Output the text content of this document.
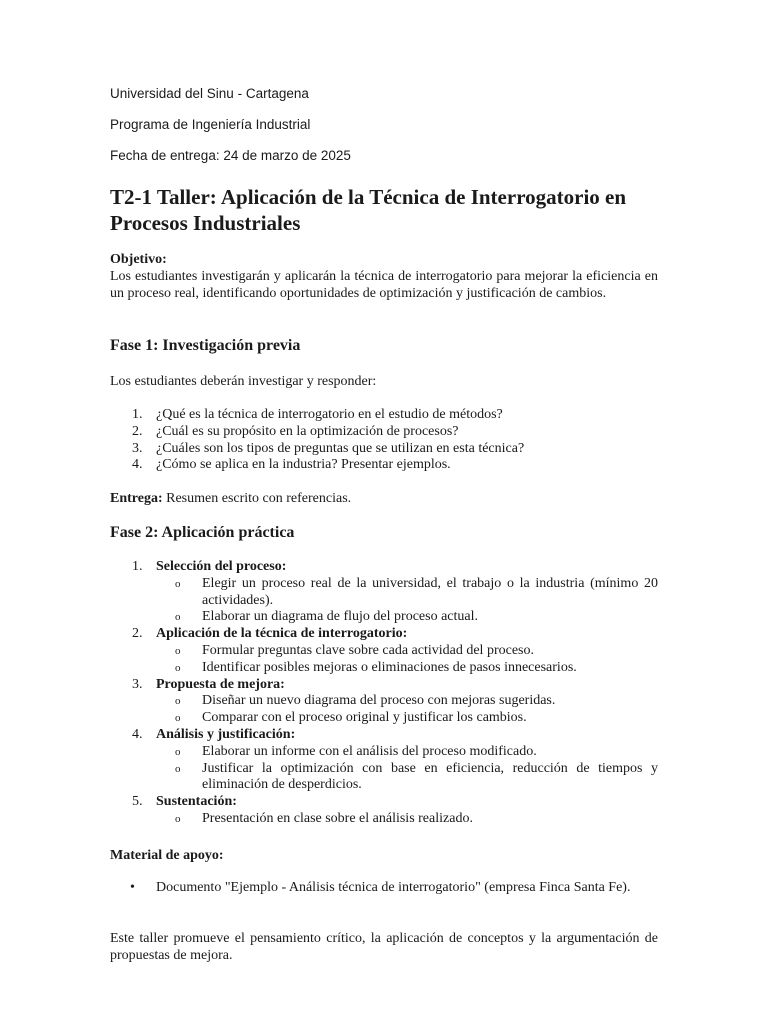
Universidad del Sinu - Cartagena
Programa de Ingeniería Industrial
Fecha de entrega: 24 de marzo de 2025
T2-1 Taller: Aplicación de la Técnica de Interrogatorio en Procesos Industriales
Objetivo:

Los estudiantes investigarán y aplicarán la técnica de interrogatorio para mejorar la eficiencia en un proceso real, identificando oportunidades de optimización y justificación de cambios.

Fase 1: Investigación previa

Los estudiantes deberán investigar y responder:

1. ¿Qué es la técnica de interrogatorio en el estudio de métodos?
2. ¿Cuál es su propósito en la optimización de procesos?
3. ¿Cuáles son los tipos de preguntas que se utilizan en esta técnica?
4. ¿Cómo se aplica en la industria? Presentar ejemplos.

Entrega: Resumen escrito con referencias.

Fase 2: Aplicación práctica
1. Selección del proceso:
o Elegir un proceso real de la universidad, el trabajo o la industria (mínimo 20 actividades).
o Elaborar un diagrama de flujo del proceso actual.
2. Aplicación de la técnica de interrogatorio:
o Formular preguntas clave sobre cada actividad del proceso.
o Identificar posibles mejoras o eliminaciones de pasos innecesarios.
3. Propuesta de mejora:
o Diseñar un nuevo diagrama del proceso con mejoras sugeridas.
o Comparar con el proceso original y justificar los cambios.
4. Análisis y justificación:
o Elaborar un informe con el análisis del proceso modificado.
o Justificar la optimización con base en eficiencia, reducción de tiempos y eliminación de desperdicios.
5. Sustentación:
o Presentación en clase sobre el análisis realizado.
Material de apoyo:
• Documento "Ejemplo - Análisis técnica de interrogatorio" (empresa Finca Santa Fe).

Este taller promueve el pensamiento crítico, la aplicación de conceptos y la argumentación de propuestas de mejora.
